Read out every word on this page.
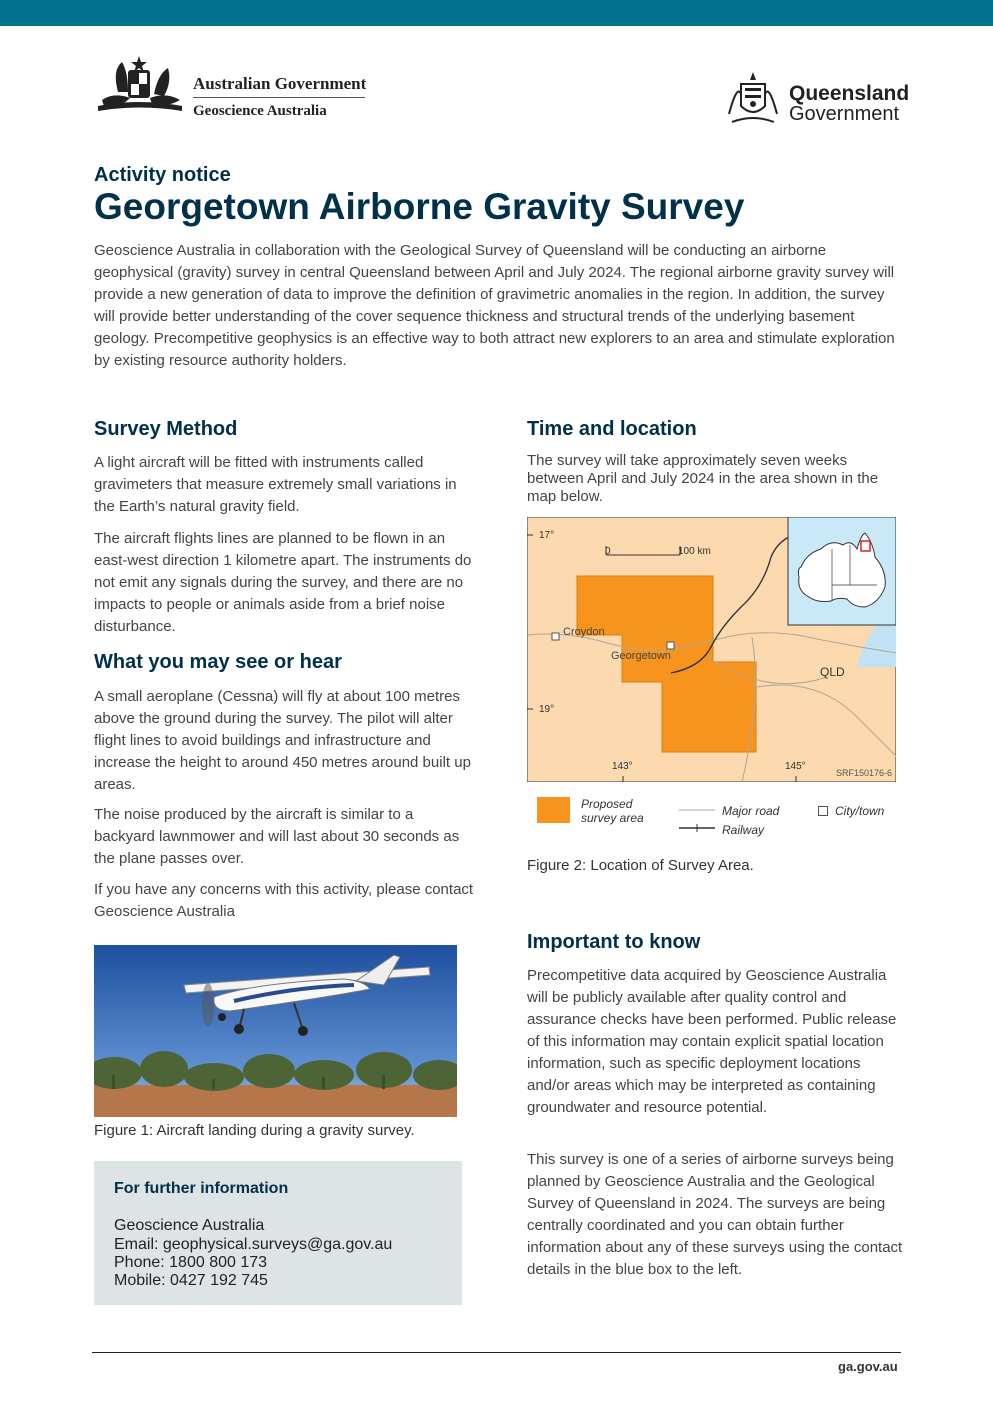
Australian Government
Geoscience Australia
Queensland
Government
Activity notice
Georgetown Airborne Gravity Survey

Geoscience Australia in collaboration with the Geological Survey of Queensland will be conducting an airborne geophysical (gravity) survey in central Queensland between April and July 2024. The regional airborne gravity survey will provide a new generation of data to improve the definition of gravimetric anomalies in the region. In addition, the survey will provide better understanding of the cover sequence thickness and structural trends of the underlying basement geology. Precompetitive geophysics is an effective way to both attract new explorers to an area and stimulate exploration by existing resource authority holders.

Survey Method

A light aircraft will be fitted with instruments called gravimeters that measure extremely small variations in the Earth’s natural gravity field.

The aircraft flights lines are planned to be flown in an east-west direction 1 kilometre apart. The instruments do not emit any signals during the survey, and there are no impacts to people or animals aside from a brief noise disturbance.

What you may see or hear

A small aeroplane (Cessna) will fly at about 100 metres above the ground during the survey. The pilot will alter flight lines to avoid buildings and infrastructure and increase the height to around 450 metres around built up areas.

The noise produced by the aircraft is similar to a backyard lawnmower and will last about 30 seconds as the plane passes over.

If you have any concerns with this activity, please contact Geoscience Australia

Figure 1: Aircraft landing during a gravity survey.
For further information
Geoscience Australia
Email: geophysical.surveys@ga.gov.au
Phone: 1800 800 173
Mobile: 0427 192 745
Time and location

The survey will take approximately seven weeks between April and July 2024 in the area shown in the map below.

17°
19°
143°	145°
0	100 km
Croydon
Georgetown
QLD
SRF150176-6
Proposed
survey area	Major road
Railway
City/town
Figure 2: Location of Survey Area.
Important to know

Precompetitive data acquired by Geoscience Australia will be publicly available after quality control and assurance checks have been performed. Public release of this information may contain explicit spatial location information, such as specific deployment locations and/or areas which may be interpreted as containing groundwater and resource potential.

This survey is one of a series of airborne surveys being planned by Geoscience Australia and the Geological Survey of Queensland in 2024. The surveys are being centrally coordinated and you can obtain further information about any of these surveys using the contact details in the blue box to the left.

ga.gov.au
